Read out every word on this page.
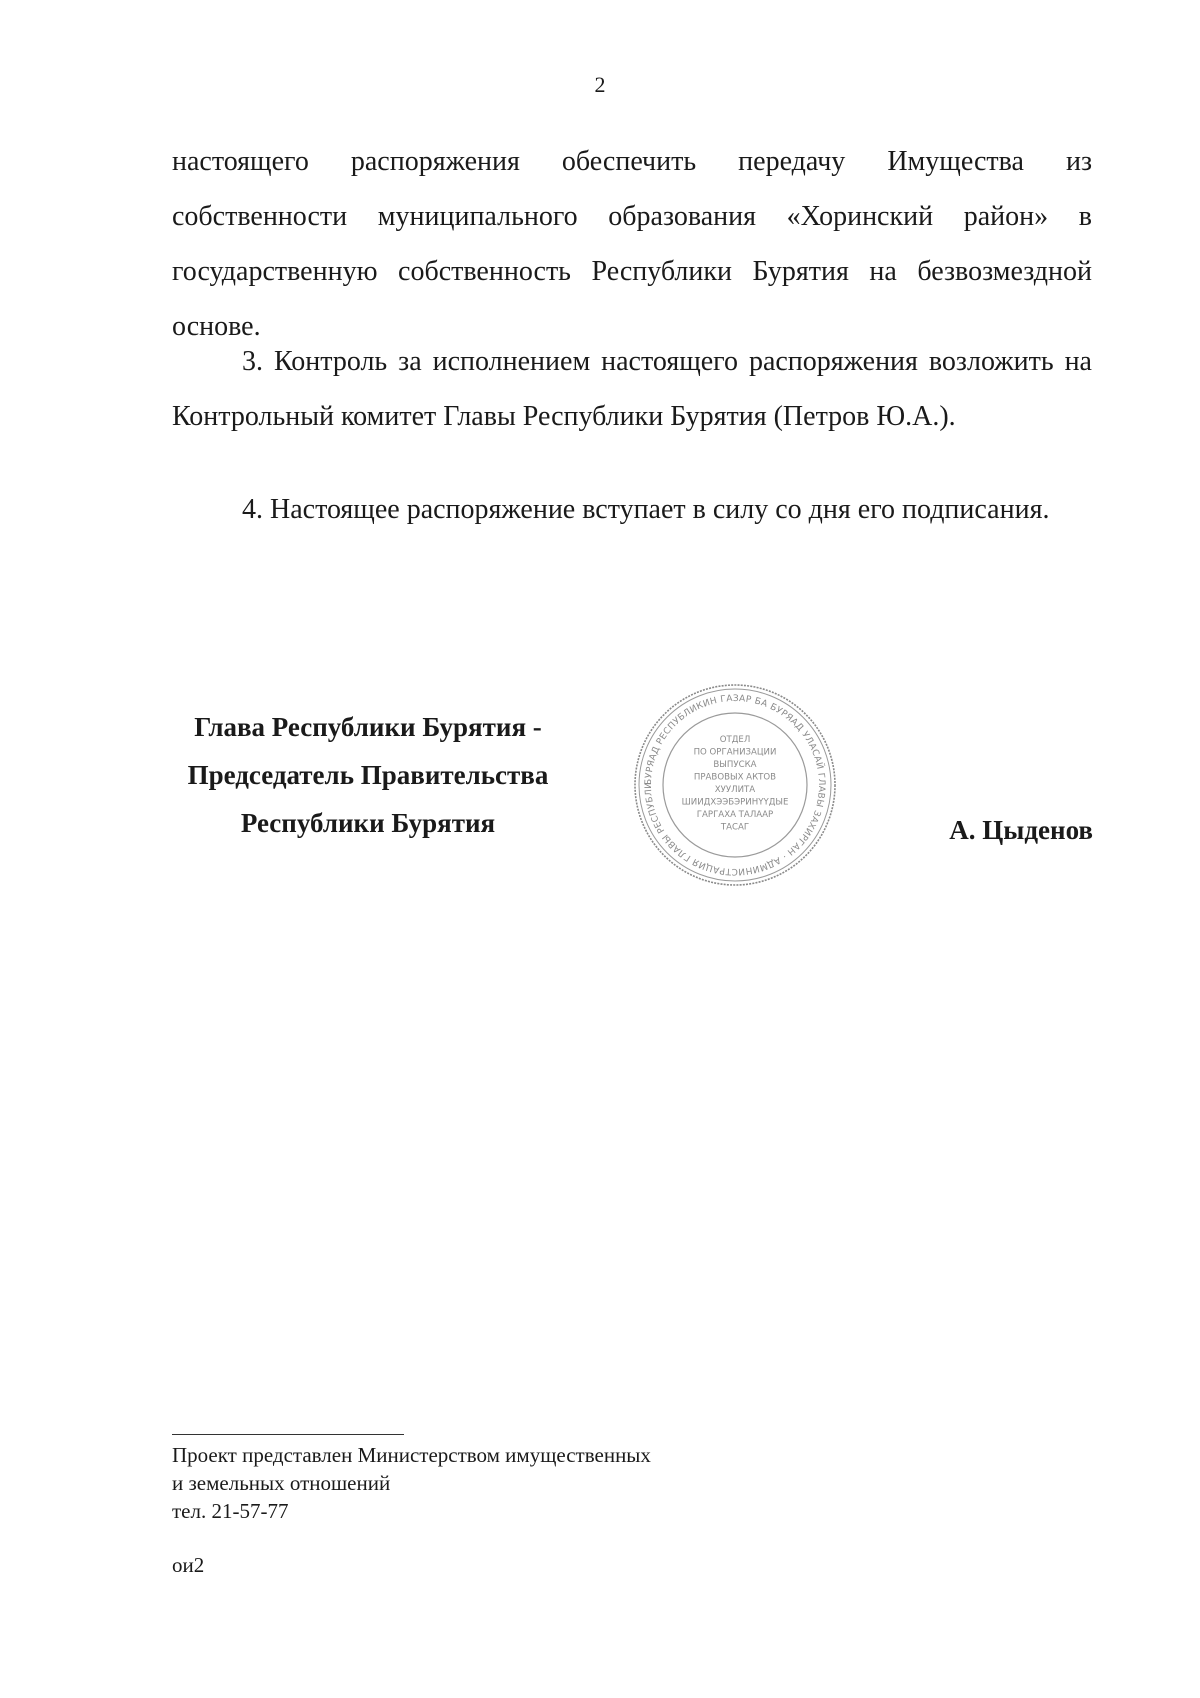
2

настоящего распоряжения обеспечить передачу Имущества из собственности муниципального образования «Хоринский район» в государственную собственность Республики Бурятия на безвозмездной основе.

3. Контроль за исполнением настоящего распоряжения возложить на Контрольный комитет Главы Республики Бурятия (Петров Ю.А.).

4. Настоящее распоряжение вступает в силу со дня его подписания.

Глава Республики Бурятия -
Председатель Правительства
Республики Бурятия
БУРЯАД РЕСПУБЛИКИН ГАЗАР БА БУРЯАД УЛАСАЙ ГЛАВЫ ЗАХИРГАН · АДМИНИСТРАЦИЯ ГЛАВЫ РЕСПУБЛИ
ОТДЕЛ
ПО ОРГАНИЗАЦИИ
ВЫПУСКА
ПРАВОВЫХ АКТОВ
ХУУЛИТА
ШИИДХЭЭБЭРИНҮҮДЫЕ
ГАРГАХА ТАЛААР
ТАСАГ	А. Цыденов
Проект представлен Министерством имущественных
и земельных отношений
тел. 21-57-77
ои2
